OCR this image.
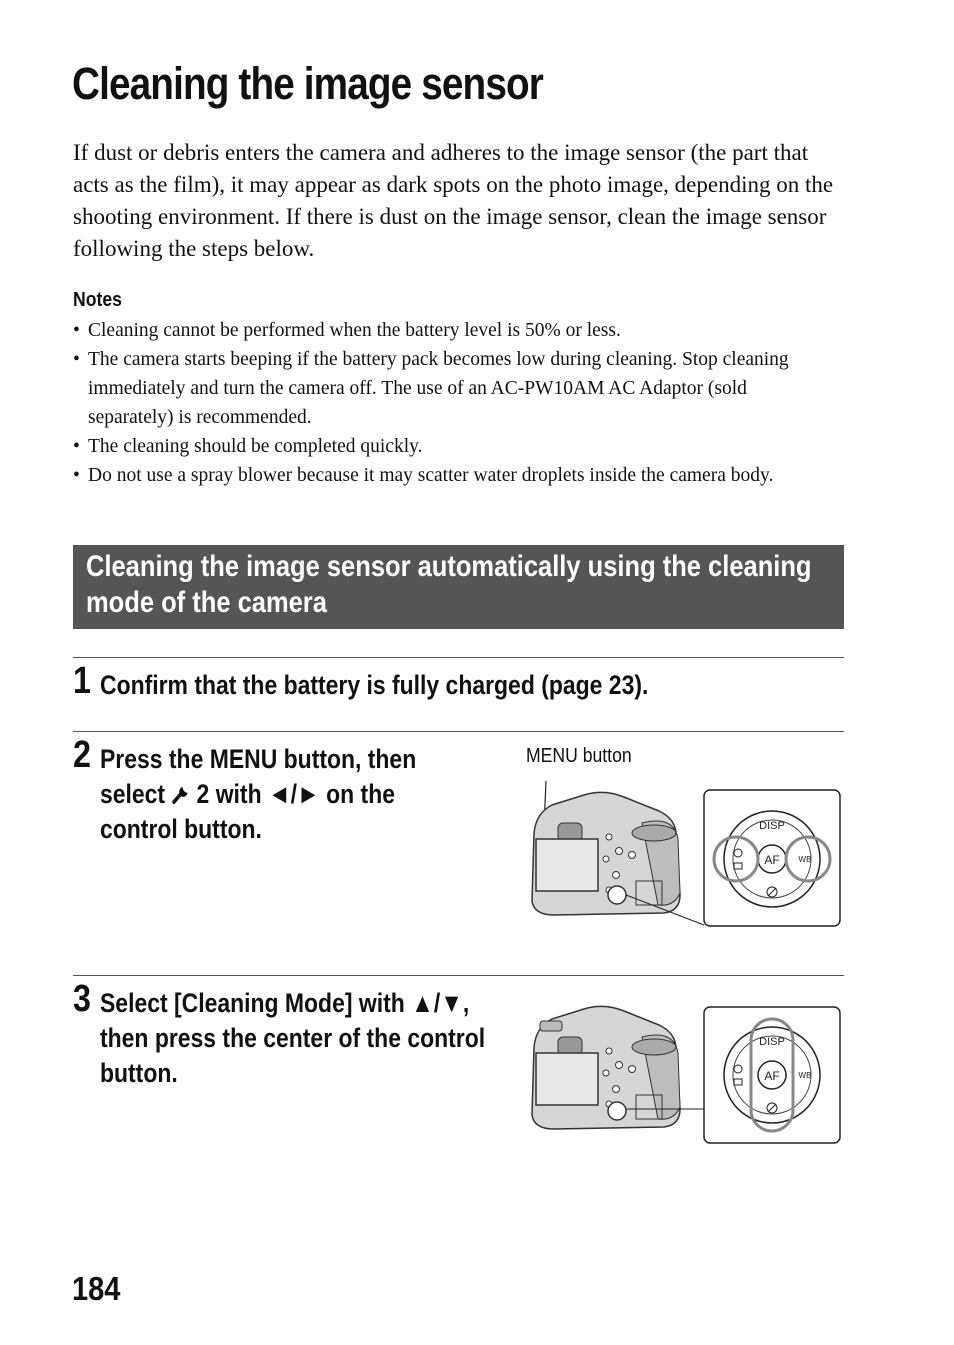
Cleaning the image sensor

If dust or debris enters the camera and adheres to the image sensor (the part that acts as the film), it may appear as dark spots on the photo image, depending on the shooting environment. If there is dust on the image sensor, clean the image sensor following the steps below.

Notes
• Cleaning cannot be performed when the battery level is 50% or less.
• The camera starts beeping if the battery pack becomes low during cleaning. Stop cleaning immediately and turn the camera off. The use of an AC-PW10AM AC Adaptor (sold separately) is recommended.
• The cleaning should be completed quickly.
• Do not use a spray blower because it may scatter water droplets inside the camera body.
Cleaning the image sensor automatically using the cleaning mode of the camera
1 Confirm that the battery is fully charged (page 23).
2 Press the MENU button, then select 2 with ◄/► on the control button.
MENU button
DISP
AF WB
3 Select [Cleaning Mode] with ▲/▼, then press the center of the control button.
DISP
AF WB
184
